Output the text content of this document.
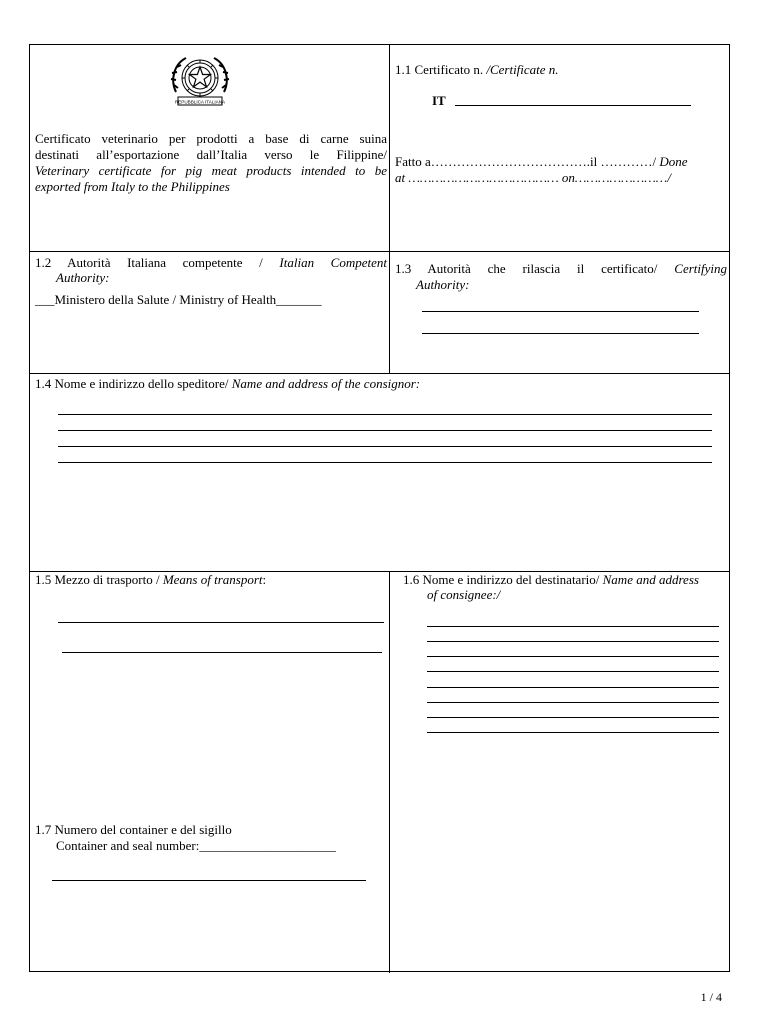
REPUBBLICA ITALIANA
Certificato veterinario per prodotti a base di carne suina
destinati all’esportazione dall’Italia verso le Filippine/
Veterinary certificate for pig meat products intended to be
exported from Italy to the Philippines
1.1 Certificato n. /Certificate n.
IT
Fatto a……………………………….il …………/ Done
at ………………………………… on……………………/
1.2 Autorità Italiana competente / Italian Competent
Authority:
___Ministero della Salute / Ministry of Health_______
1.3 Autorità che rilascia il certificato/ Certifying
Authority:
1.4 Nome e indirizzo dello speditore/ Name and address of the consignor:
1.5 Mezzo di trasporto / Means of transport:
1.7 Numero del container e del sigillo
Container and seal number:_____________________
1.6 Nome e indirizzo del destinatario/ Name and address
of consignee:/
1 / 4
